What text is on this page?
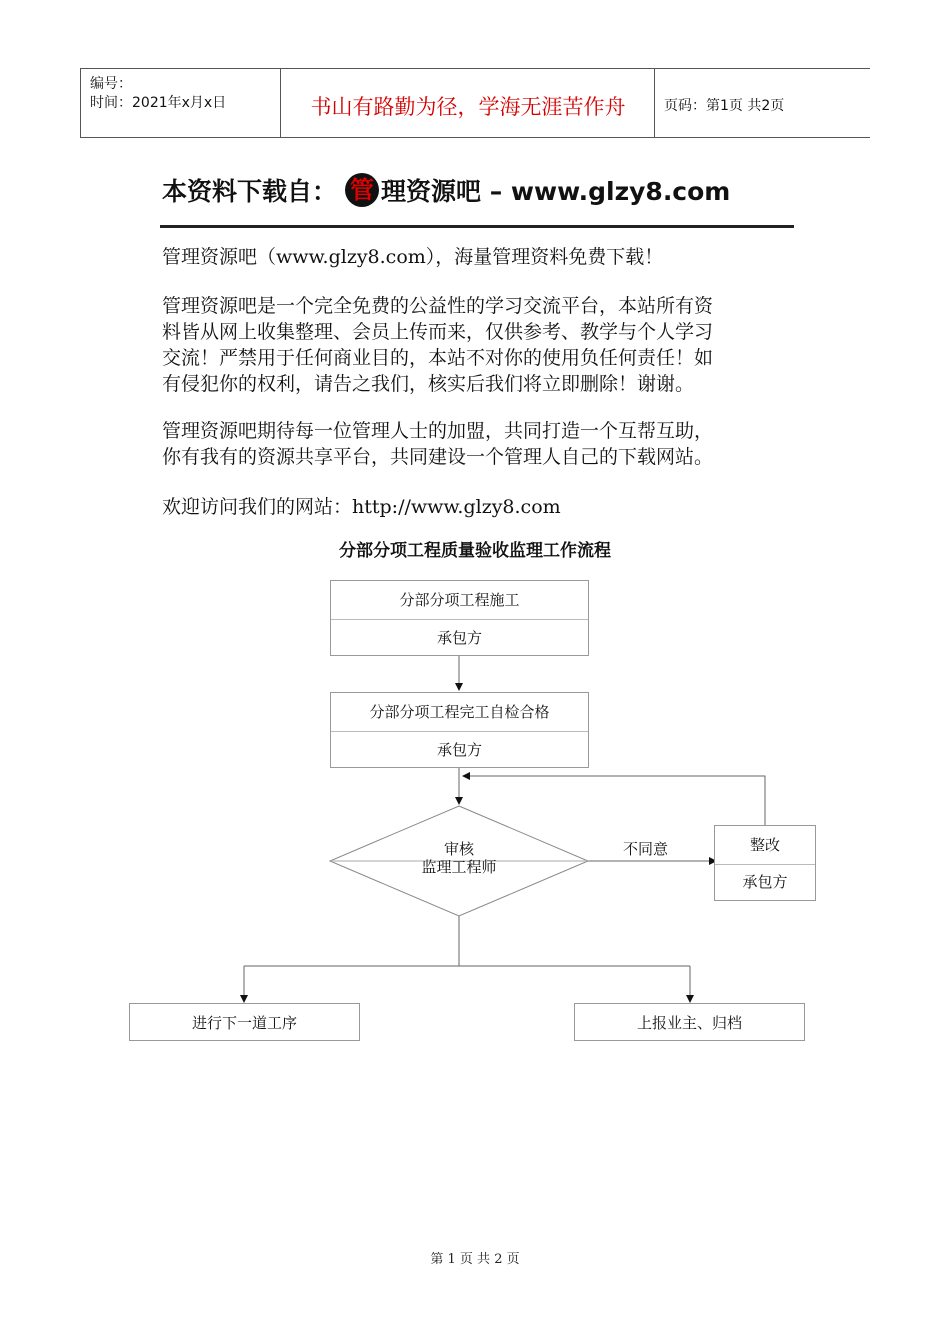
编号：
时间：2021年x月x日	书山有路勤为径，学海无涯苦作舟	页码：第1页 共2页
本资料下载自： 管 理资源吧 – www.glzy8.com
管理资源吧（www.glzy8.com），海量管理资料免费下载！
管理资源吧是一个完全免费的公益性的学习交流平台，本站所有资
料皆从网上收集整理、会员上传而来，仅供参考、教学与个人学习
交流！严禁用于任何商业目的，本站不对你的使用负任何责任！如
有侵犯你的权利，请告之我们，核实后我们将立即删除！谢谢。
管理资源吧期待每一位管理人士的加盟，共同打造一个互帮互助，
你有我有的资源共享平台，共同建设一个管理人自己的下载网站。
欢迎访问我们的网站：http://www.glzy8.com
分部分项工程质量验收监理工作流程
分部分项工程施工
承包方
分部分项工程完工自检合格
承包方
审核
监理工程师
不同意	整改
承包方
进行下一道工序	上报业主、归档
第 1 页 共 2 页
